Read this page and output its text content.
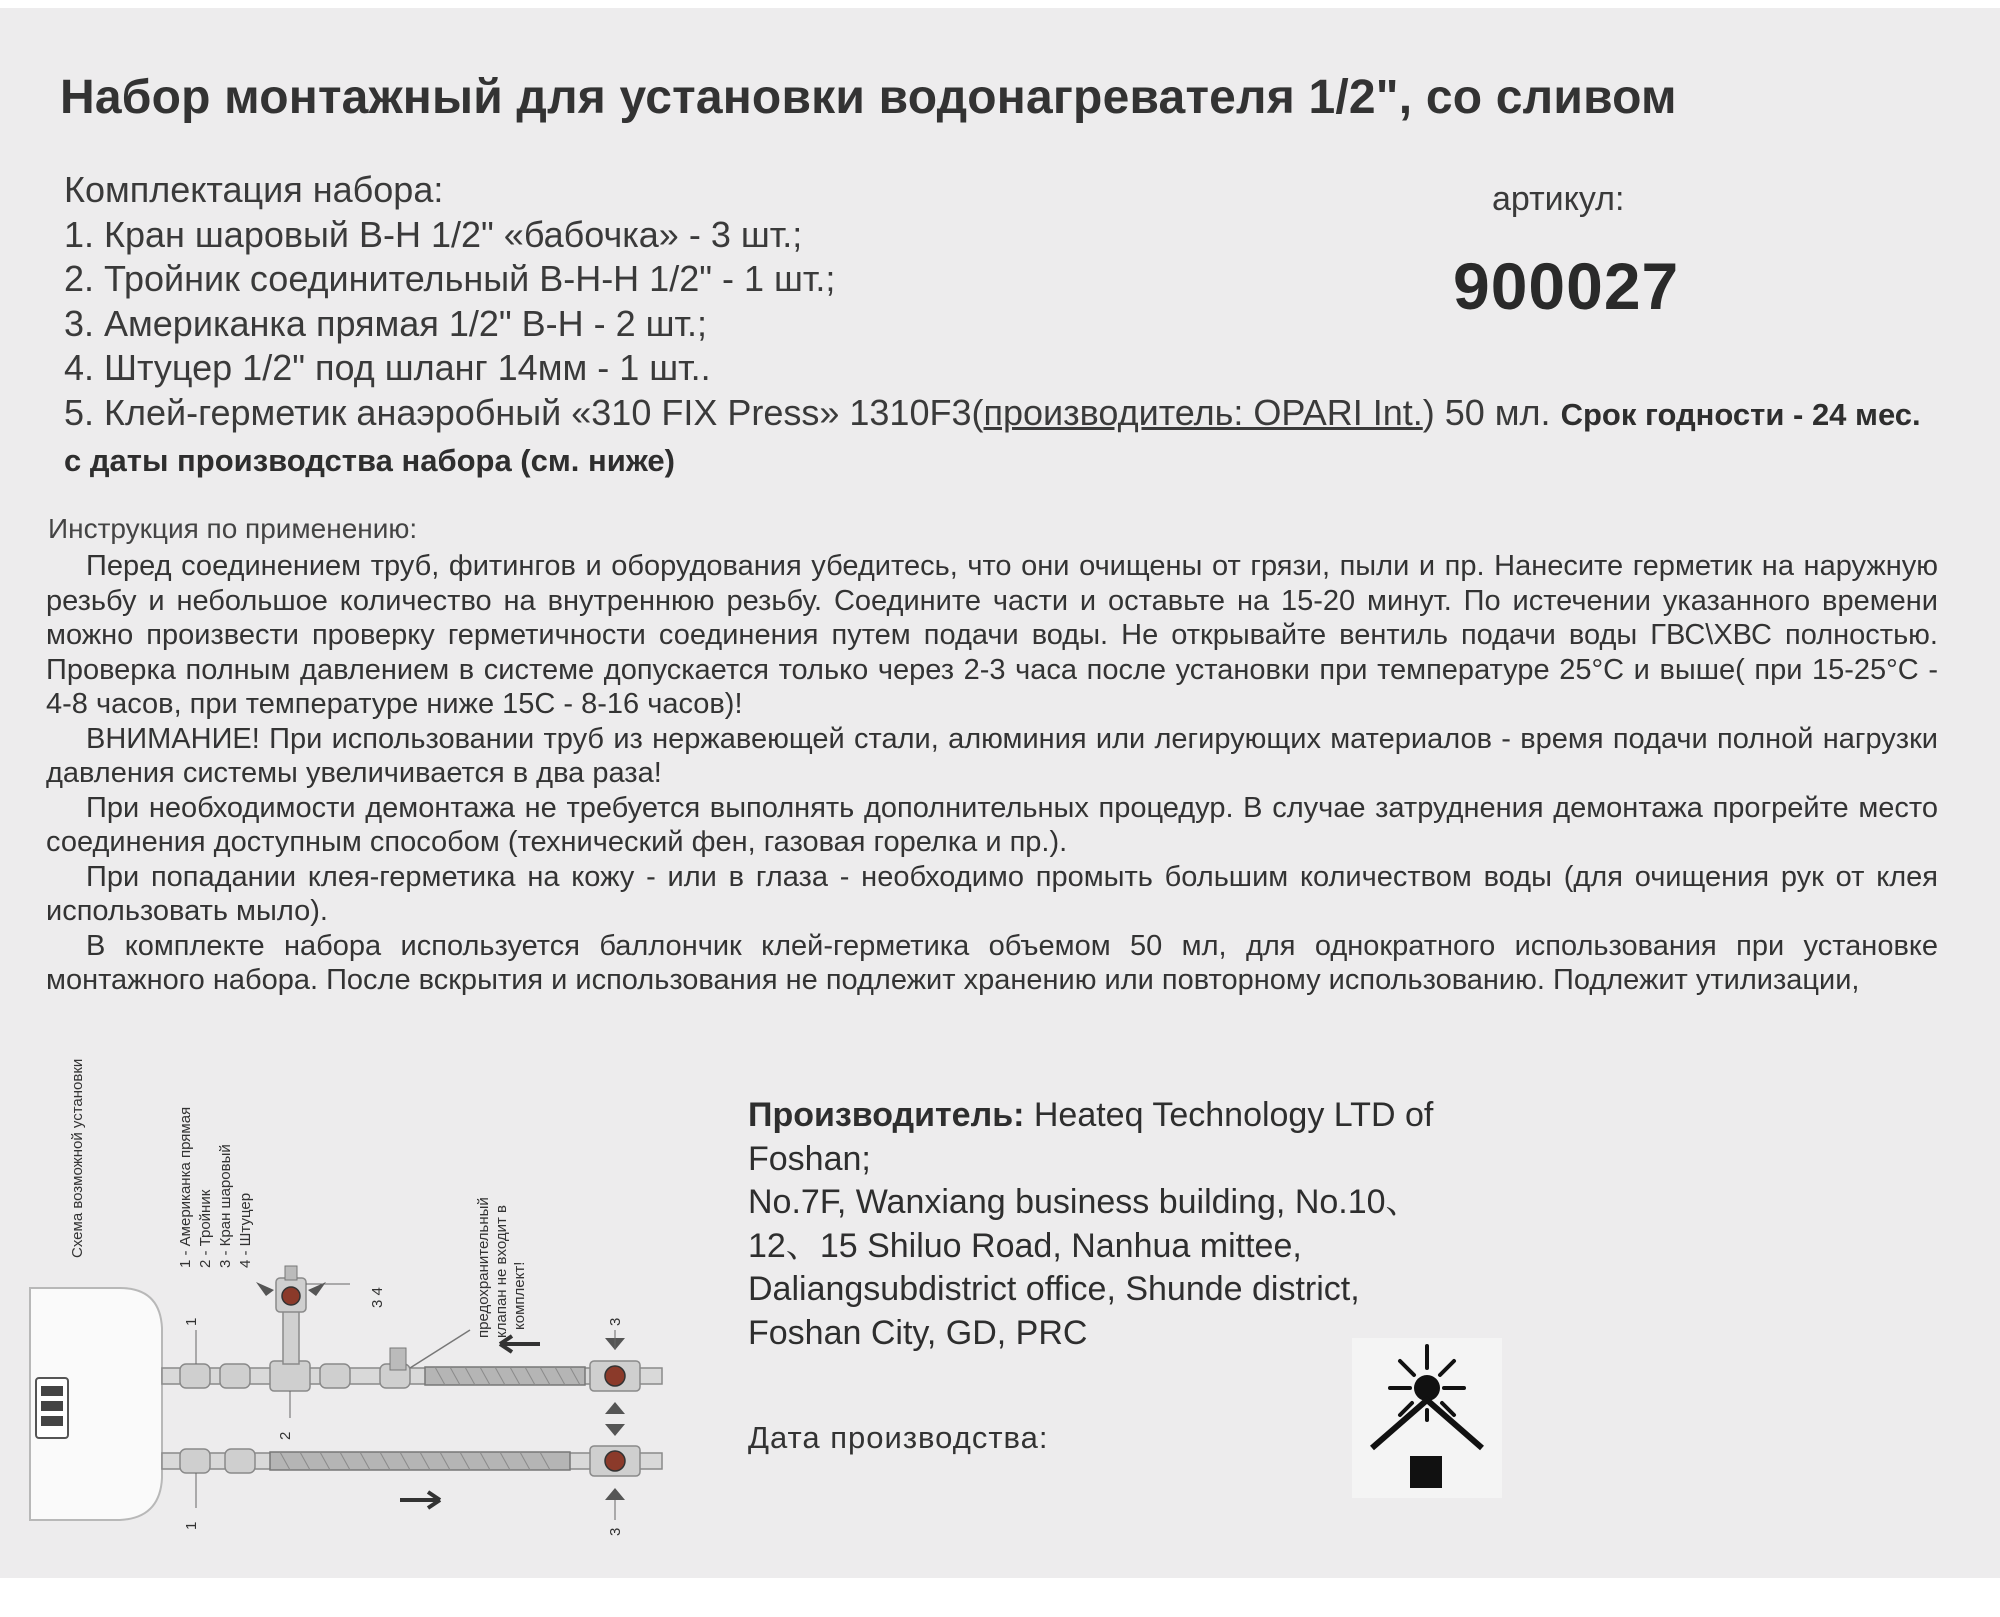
Набор монтажный для установки водонагревателя 1/2", со сливом
Комплектация набора:
1. Кран шаровый В-Н 1/2" «бабочка» - 3 шт.;
2. Тройник соединительный В-Н-Н 1/2" - 1 шт.;
3. Американка прямая 1/2" В-Н - 2 шт.;
4. Штуцер 1/2" под шланг 14мм - 1 шт..
5. Клей-герметик анаэробный «310 FIX Press» 1310F3(производитель: OPARI Int.) 50 мл. Срок годности - 24 мес. с даты производства набора (см. ниже)
артикул:
900027
Инструкция по применению:

Перед соединением труб, фитингов и оборудования убедитесь, что они очищены от грязи, пыли и пр. Нанесите герметик на наружную резьбу и небольшое количество на внутреннюю резьбу. Соедините части и оставьте на 15-20 минут. По истечении указанного времени можно произвести проверку герметичности соединения путем подачи воды. Не открывайте вентиль подачи воды ГВС\ХВС полностью. Проверка полным давлением в системе допускается только через 2-3 часа после установки при температуре 25°С и выше( при 15-25°С - 4-8 часов, при температуре ниже 15С - 8-16 часов)!

ВНИМАНИЕ! При использовании труб из нержавеющей стали, алюминия или легирующих материалов - время подачи полной нагрузки давления системы увеличивается в два раза!

При необходимости демонтажа не требуется выполнять дополнительных процедур. В случае затруднения демонтажа прогрейте место соединения доступным способом (технический фен, газовая горелка и пр.).

При попадании клея-герметика на кожу - или в глаза - необходимо промыть большим количеством воды (для очищения рук от клея использовать мыло).

В комплекте набора используется баллончик клей-герметика объемом 50 мл, для однократного использования при установке монтажного набора. После вскрытия и использования не подлежит хранению или повторному использованию. Подлежит утилизации,

Схема возможной установки	1 - Американка прямая 2 - Тройник 3 - Кран шаровый 4 - Штуцер	предохранительный клапан не входит в комплект!
1
1
2
3 4
3
3
Производитель: Heateq Technology LTD of Foshan;
No.7F, Wanxiang business building, No.10、12、15 Shiluo Road, Nanhua mittee, Daliangsubdistrict office, Shunde district, Foshan City, GD, PRC
Дата производства:
